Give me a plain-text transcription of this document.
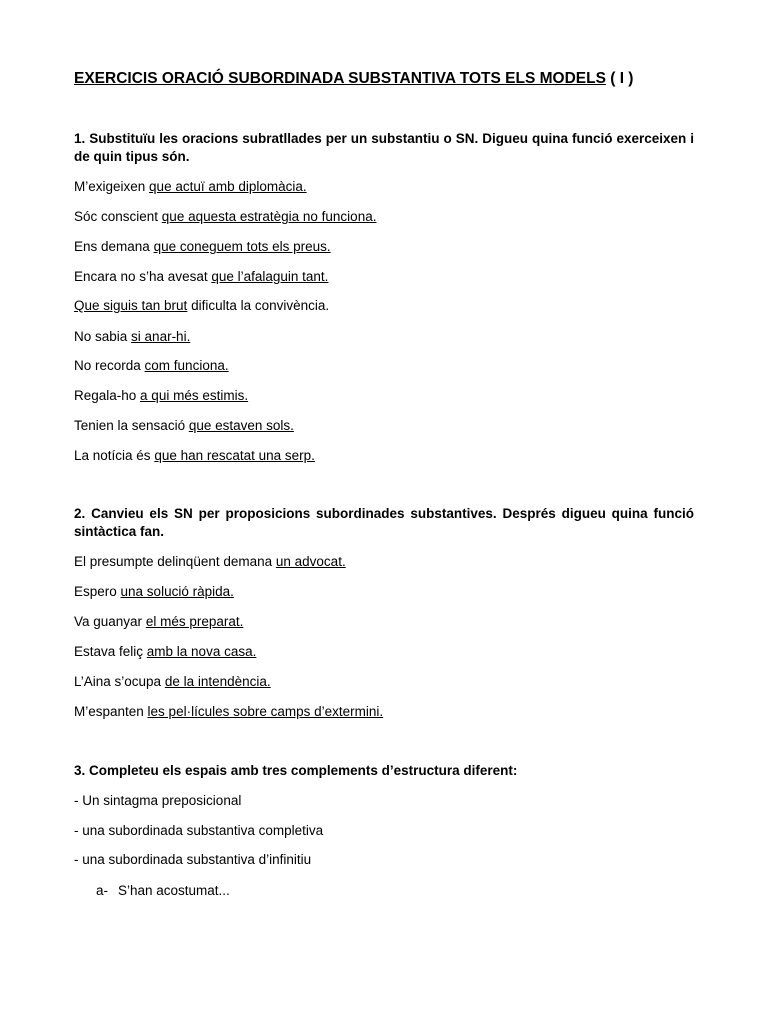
EXERCICIS ORACIÓ SUBORDINADA SUBSTANTIVA TOTS ELS MODELS ( I )
1. Substituïu les oracions subratllades per un substantiu o SN. Digueu quina funció exerceixen i de quin tipus són.
M’exigeixen que actuï amb diplomàcia.
Sóc conscient que aquesta estratègia no funciona.
Ens demana que coneguem tots els preus.
Encara no s’ha avesat que l’afalaguin tant.
Que siguis tan brut dificulta la convivència.
No sabia si anar-hi.
No recorda com funciona.
Regala-ho a qui més estimis.
Tenien la sensació que estaven sols.
La notícia és que han rescatat una serp.
2. Canvieu els SN per proposicions subordinades substantives. Després digueu quina funció sintàctica fan.
El presumpte delinqüent demana un advocat.
Espero una solució ràpida.
Va guanyar el més preparat.
Estava feliç amb la nova casa.
L’Aina s’ocupa de la intendència.
M’espanten les pel·lícules sobre camps d’extermini.
3. Completeu els espais amb tres complements d’estructura diferent:
- Un sintagma preposicional
- una subordinada substantiva completiva
- una subordinada substantiva d’infinitiu
a- S’han acostumat...
